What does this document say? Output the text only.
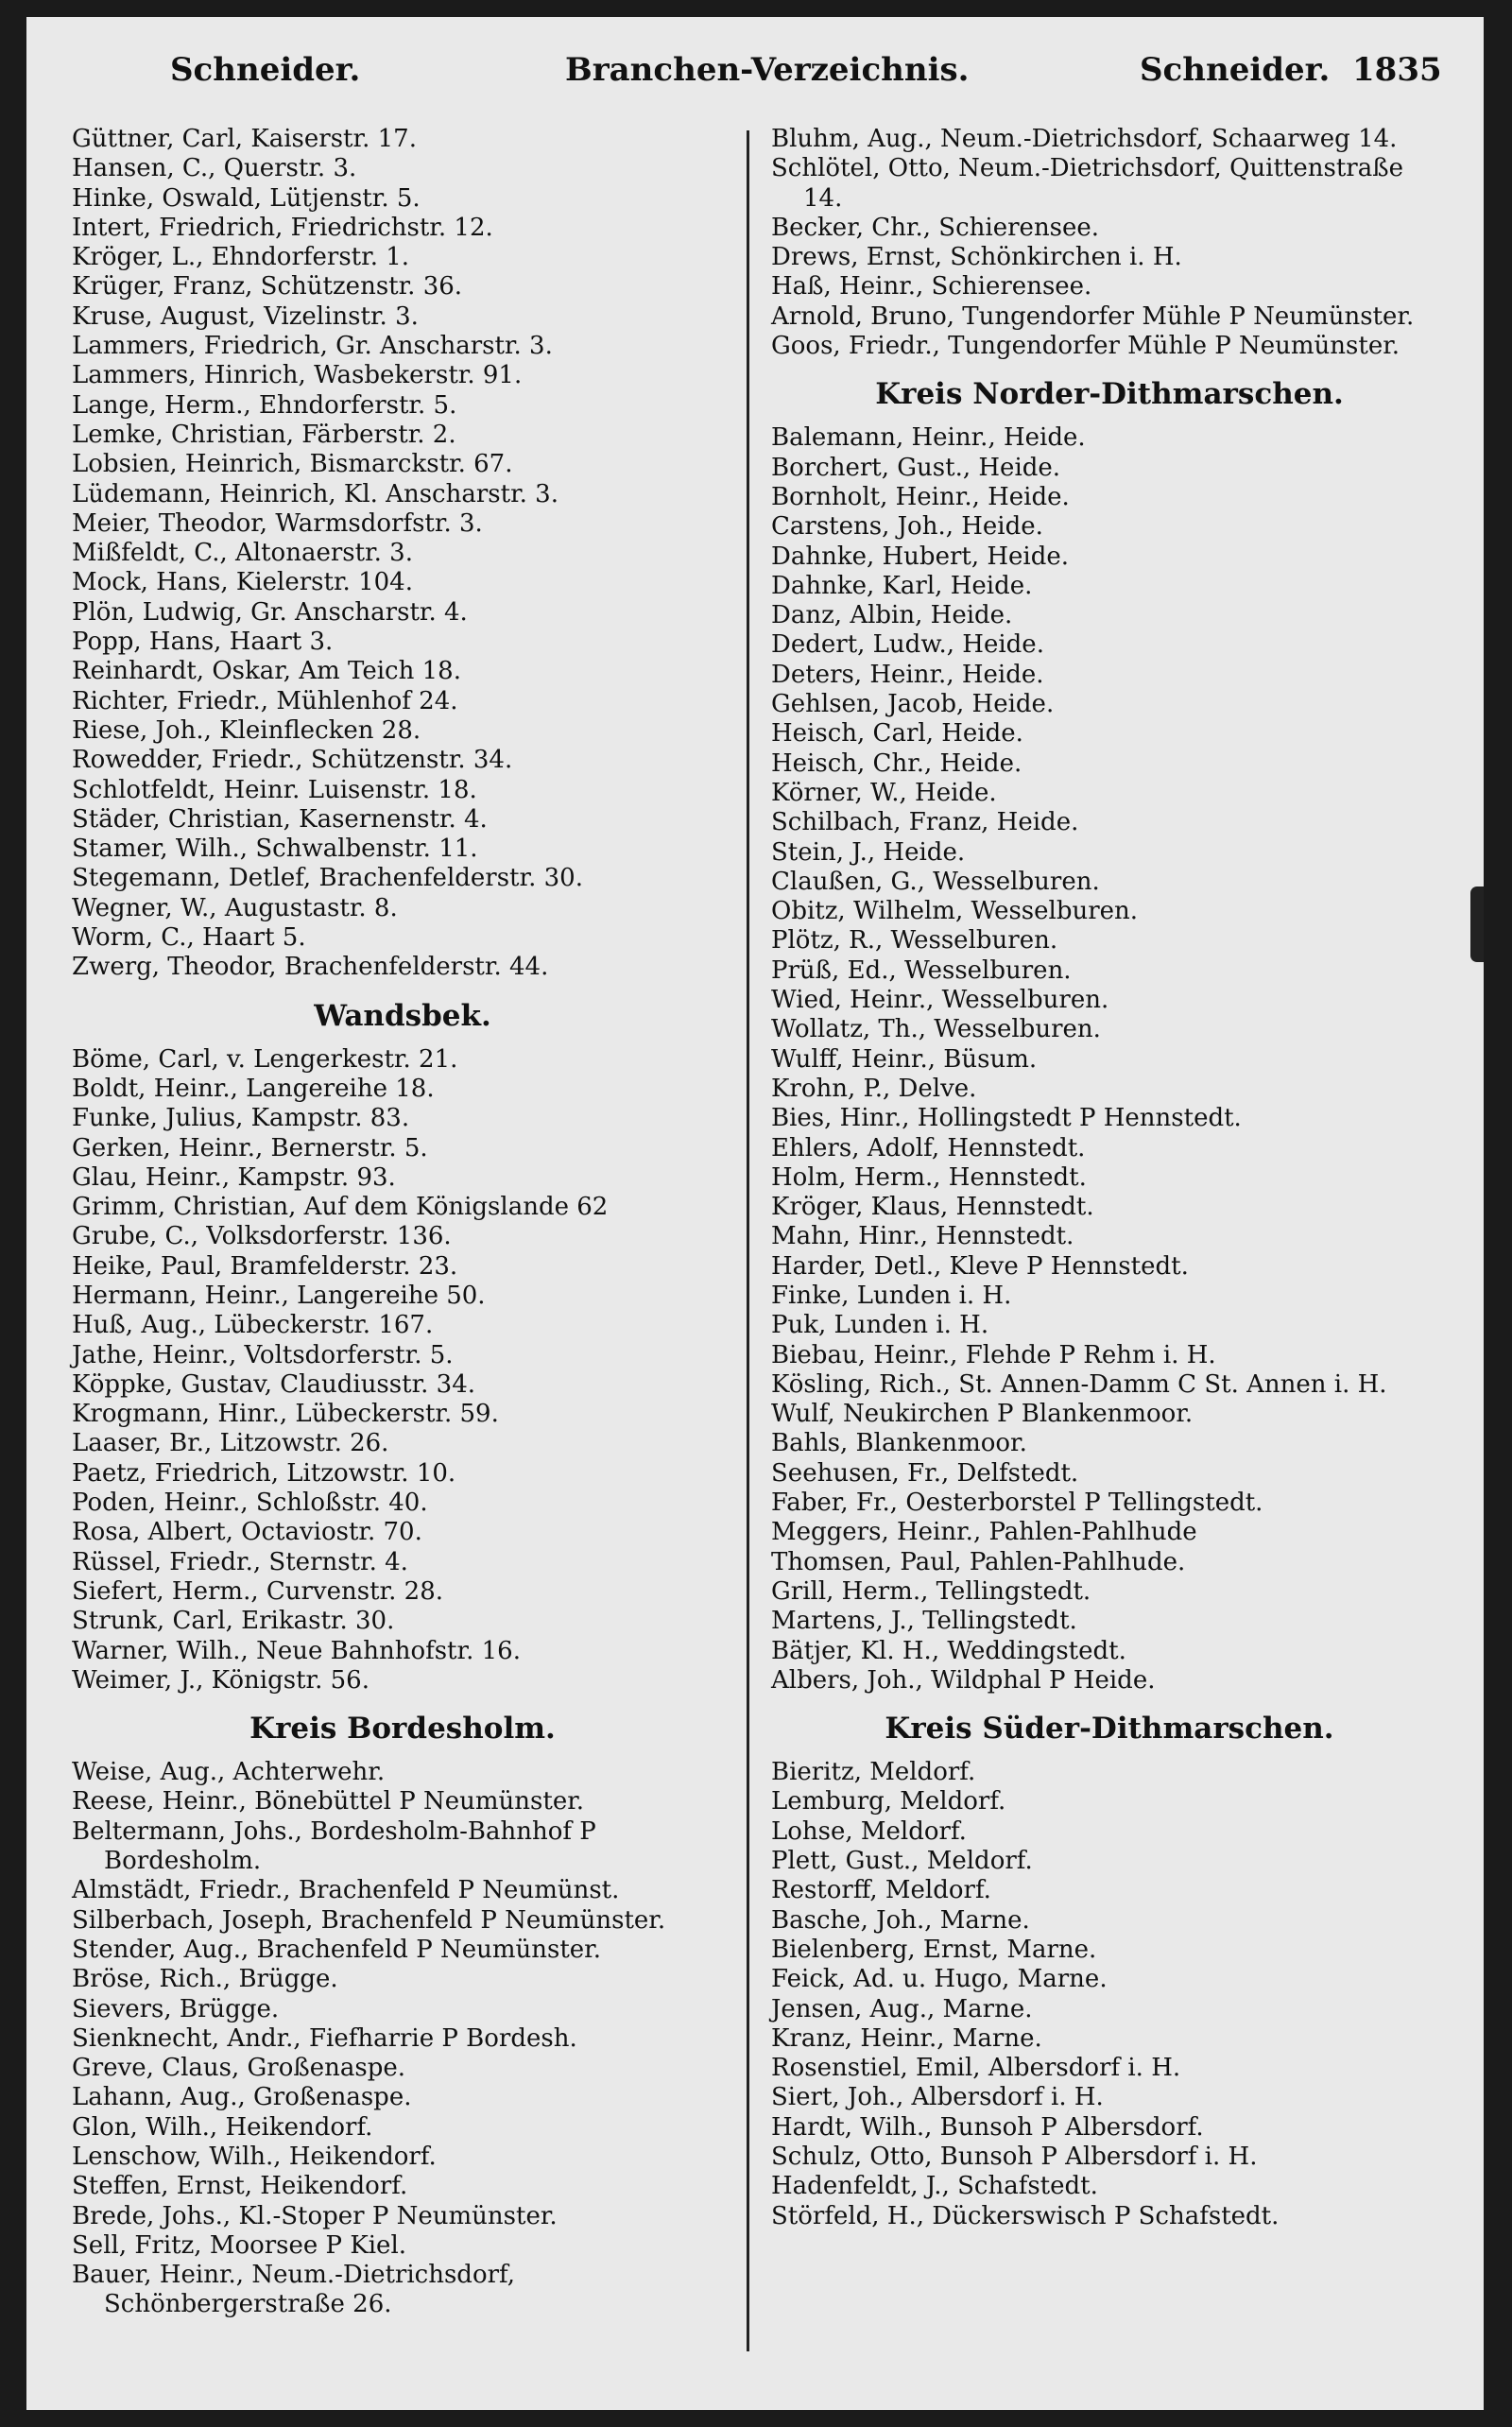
Schneider.	Branchen-Verzeichnis.	Schneider. 1835
Güttner, Carl, Kaiserstr. 17.
Hansen, C., Querstr. 3.
Hinke, Oswald, Lütjenstr. 5.
Intert, Friedrich, Friedrichstr. 12.
Kröger, L., Ehndorferstr. 1.
Krüger, Franz, Schützenstr. 36.
Kruse, August, Vizelinstr. 3.
Lammers, Friedrich, Gr. Anscharstr. 3.
Lammers, Hinrich, Wasbekerstr. 91.
Lange, Herm., Ehndorferstr. 5.
Lemke, Christian, Färberstr. 2.
Lobsien, Heinrich, Bismarckstr. 67.
Lüdemann, Heinrich, Kl. Anscharstr. 3.
Meier, Theodor, Warmsdorfstr. 3.
Mißfeldt, C., Altonaerstr. 3.
Mock, Hans, Kielerstr. 104.
Plön, Ludwig, Gr. Anscharstr. 4.
Popp, Hans, Haart 3.
Reinhardt, Oskar, Am Teich 18.
Richter, Friedr., Mühlenhof 24.
Riese, Joh., Kleinflecken 28.
Rowedder, Friedr., Schützenstr. 34.
Schlotfeldt, Heinr. Luisenstr. 18.
Städer, Christian, Kasernenstr. 4.
Stamer, Wilh., Schwalbenstr. 11.
Stegemann, Detlef, Brachenfelderstr. 30.
Wegner, W., Augustastr. 8.
Worm, C., Haart 5.
Zwerg, Theodor, Brachenfelderstr. 44.
Wandsbek.
Böme, Carl, v. Lengerkestr. 21.
Boldt, Heinr., Langereihe 18.
Funke, Julius, Kampstr. 83.
Gerken, Heinr., Bernerstr. 5.
Glau, Heinr., Kampstr. 93.
Grimm, Christian, Auf dem Königslande 62
Grube, C., Volksdorferstr. 136.
Heike, Paul, Bramfelderstr. 23.
Hermann, Heinr., Langereihe 50.
Huß, Aug., Lübeckerstr. 167.
Jathe, Heinr., Voltsdorferstr. 5.
Köppke, Gustav, Claudiusstr. 34.
Krogmann, Hinr., Lübeckerstr. 59.
Laaser, Br., Litzowstr. 26.
Paetz, Friedrich, Litzowstr. 10.
Poden, Heinr., Schloßstr. 40.
Rosa, Albert, Octaviostr. 70.
Rüssel, Friedr., Sternstr. 4.
Siefert, Herm., Curvenstr. 28.
Strunk, Carl, Erikastr. 30.
Warner, Wilh., Neue Bahnhofstr. 16.
Weimer, J., Königstr. 56.
Kreis Bordesholm.
Weise, Aug., Achterwehr.
Reese, Heinr., Bönebüttel P Neumünster.
Beltermann, Johs., Bordesholm-Bahnhof P Bordesholm.
Almstädt, Friedr., Brachenfeld P Neumünst.
Silberbach, Joseph, Brachenfeld P Neumünster.
Stender, Aug., Brachenfeld P Neumünster.
Bröse, Rich., Brügge.
Sievers, Brügge.
Sienknecht, Andr., Fiefharrie P Bordesh.
Greve, Claus, Großenaspe.
Lahann, Aug., Großenaspe.
Glon, Wilh., Heikendorf.
Lenschow, Wilh., Heikendorf.
Steffen, Ernst, Heikendorf.
Brede, Johs., Kl.-Stoper P Neumünster.
Sell, Fritz, Moorsee P Kiel.
Bauer, Heinr., Neum.-Dietrichsdorf, Schönbergerstraße 26.
Bluhm, Aug., Neum.-Dietrichsdorf, Schaarweg 14.
Schlötel, Otto, Neum.-Dietrichsdorf, Quittenstraße 14.
Becker, Chr., Schierensee.
Drews, Ernst, Schönkirchen i. H.
Haß, Heinr., Schierensee.
Arnold, Bruno, Tungendorfer Mühle P Neumünster.
Goos, Friedr., Tungendorfer Mühle P Neumünster.
Kreis Norder-Dithmarschen.
Balemann, Heinr., Heide.
Borchert, Gust., Heide.
Bornholt, Heinr., Heide.
Carstens, Joh., Heide.
Dahnke, Hubert, Heide.
Dahnke, Karl, Heide.
Danz, Albin, Heide.
Dedert, Ludw., Heide.
Deters, Heinr., Heide.
Gehlsen, Jacob, Heide.
Heisch, Carl, Heide.
Heisch, Chr., Heide.
Körner, W., Heide.
Schilbach, Franz, Heide.
Stein, J., Heide.
Claußen, G., Wesselburen.
Obitz, Wilhelm, Wesselburen.
Plötz, R., Wesselburen.
Prüß, Ed., Wesselburen.
Wied, Heinr., Wesselburen.
Wollatz, Th., Wesselburen.
Wulff, Heinr., Büsum.
Krohn, P., Delve.
Bies, Hinr., Hollingstedt P Hennstedt.
Ehlers, Adolf, Hennstedt.
Holm, Herm., Hennstedt.
Kröger, Klaus, Hennstedt.
Mahn, Hinr., Hennstedt.
Harder, Detl., Kleve P Hennstedt.
Finke, Lunden i. H.
Puk, Lunden i. H.
Biebau, Heinr., Flehde P Rehm i. H.
Kösling, Rich., St. Annen-Damm C St. Annen i. H.
Wulf, Neukirchen P Blankenmoor.
Bahls, Blankenmoor.
Seehusen, Fr., Delfstedt.
Faber, Fr., Oesterborstel P Tellingstedt.
Meggers, Heinr., Pahlen-Pahlhude
Thomsen, Paul, Pahlen-Pahlhude.
Grill, Herm., Tellingstedt.
Martens, J., Tellingstedt.
Bätjer, Kl. H., Weddingstedt.
Albers, Joh., Wildphal P Heide.
Kreis Süder-Dithmarschen.
Bieritz, Meldorf.
Lemburg, Meldorf.
Lohse, Meldorf.
Plett, Gust., Meldorf.
Restorff, Meldorf.
Basche, Joh., Marne.
Bielenberg, Ernst, Marne.
Feick, Ad. u. Hugo, Marne.
Jensen, Aug., Marne.
Kranz, Heinr., Marne.
Rosenstiel, Emil, Albersdorf i. H.
Siert, Joh., Albersdorf i. H.
Hardt, Wilh., Bunsoh P Albersdorf.
Schulz, Otto, Bunsoh P Albersdorf i. H.
Hadenfeldt, J., Schafstedt.
Störfeld, H., Dückerswisch P Schafstedt.
